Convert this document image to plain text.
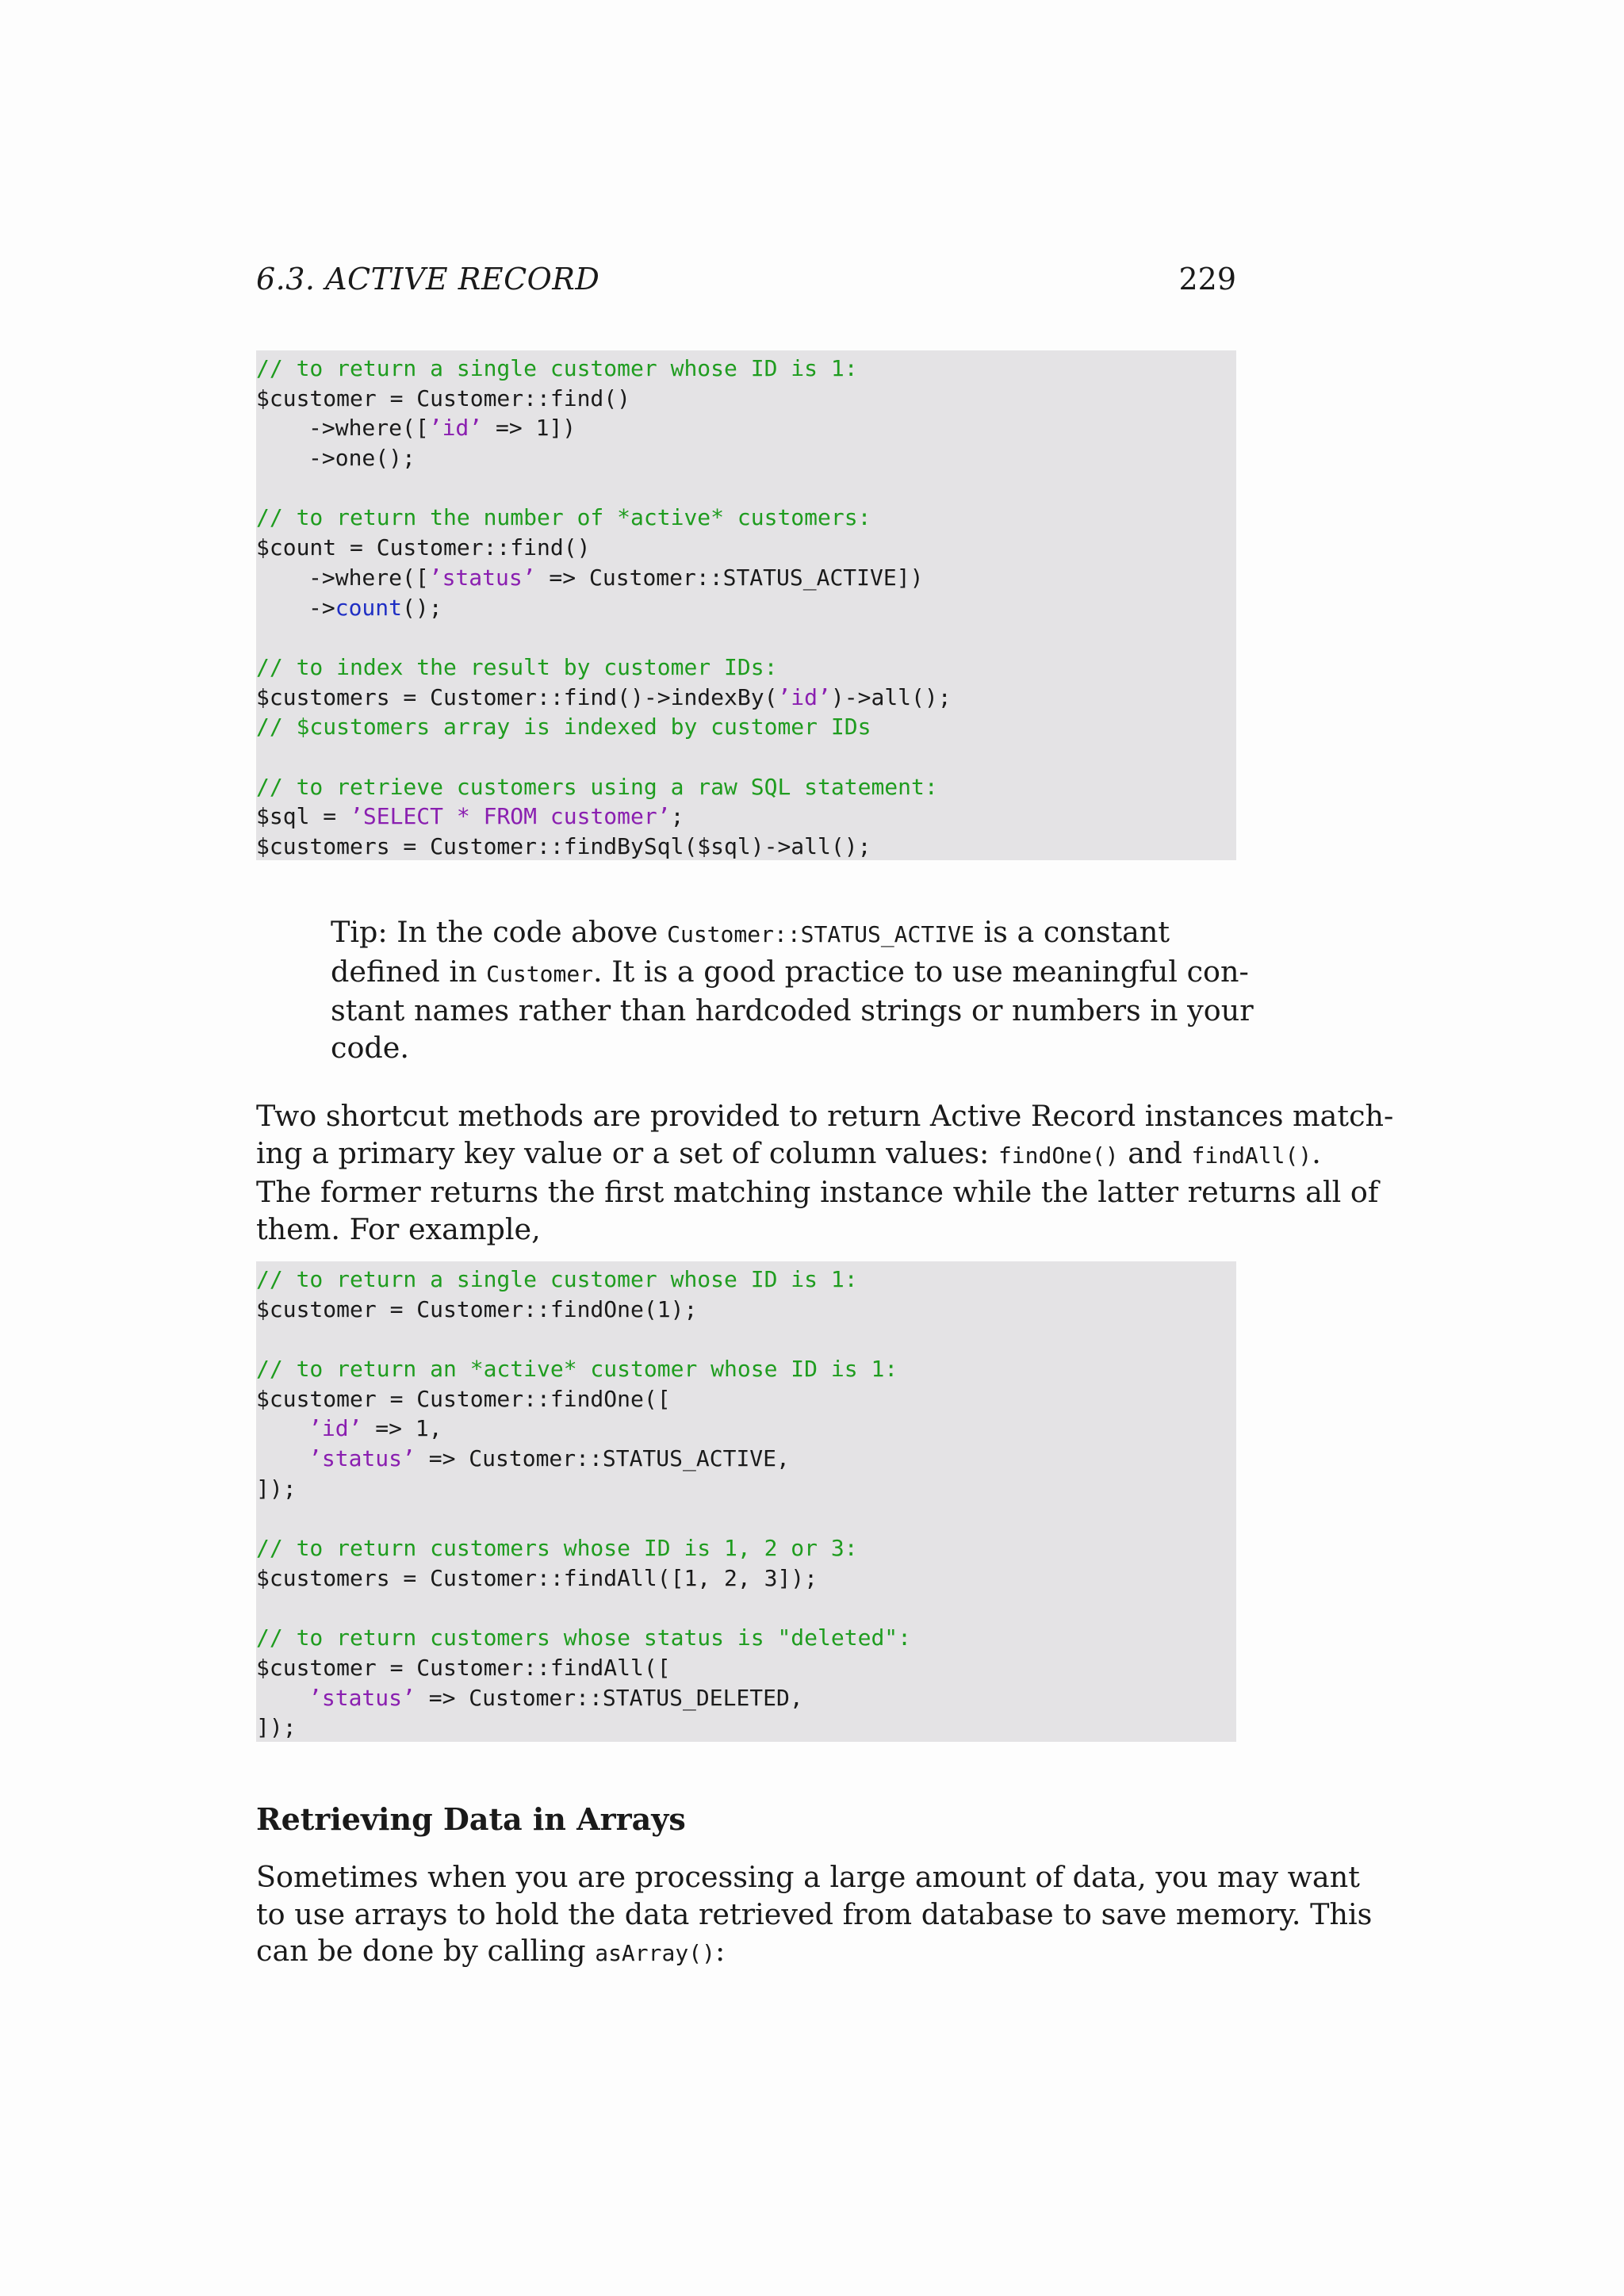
6.3. ACTIVE RECORD	229
// to return a single customer whose ID is 1:
$customer = Customer::find()
->where([’id’ => 1])
->one();
// to return the number of *active* customers:
$count = Customer::find()
->where([’status’ => Customer::STATUS_ACTIVE])
->count();
// to index the result by customer IDs:
$customers = Customer::find()->indexBy(’id’)->all();
// $customers array is indexed by customer IDs
// to retrieve customers using a raw SQL statement:
$sql = ’SELECT * FROM customer’;
$customers = Customer::findBySql($sql)->all();
Tip: In the code above Customer::STATUS_ACTIVE is a constant
defined in Customer. It is a good practice to use meaningful con-
stant names rather than hardcoded strings or numbers in your
code.
Two shortcut methods are provided to return Active Record instances match-
ing a primary key value or a set of column values: findOne() and findAll().
The former returns the first matching instance while the latter returns all of
them. For example,
// to return a single customer whose ID is 1:
$customer = Customer::findOne(1);
// to return an *active* customer whose ID is 1:
$customer = Customer::findOne([
’id’ => 1,
’status’ => Customer::STATUS_ACTIVE,
]);
// to return customers whose ID is 1, 2 or 3:
$customers = Customer::findAll([1, 2, 3]);
// to return customers whose status is "deleted":
$customer = Customer::findAll([
’status’ => Customer::STATUS_DELETED,
]);
Retrieving Data in Arrays
Sometimes when you are processing a large amount of data, you may want
to use arrays to hold the data retrieved from database to save memory. This
can be done by calling asArray():
